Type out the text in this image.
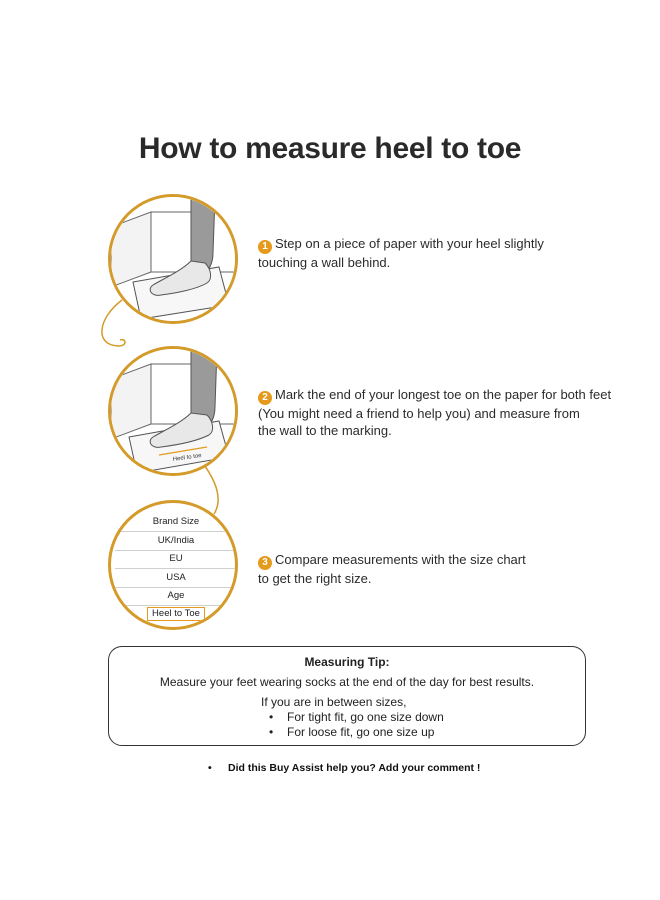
How to measure heel to toe
1 Step on a piece of paper with your heel slightly
touching a wall behind.
Heel to toe
2 Mark the end of your longest toe on the paper for both feet
(You might need a friend to help you) and measure from
the wall to the marking.
Brand Size
UK/India
EU
USA
Age
Heel to Toe
3 Compare measurements with the size chart
to get the right size.
Measuring Tip:
Measure your feet wearing socks at the end of the day for best results.
If you are in between sizes,
• For tight fit, go one size down
• For loose fit, go one size up
• Did this Buy Assist help you? Add your comment !
